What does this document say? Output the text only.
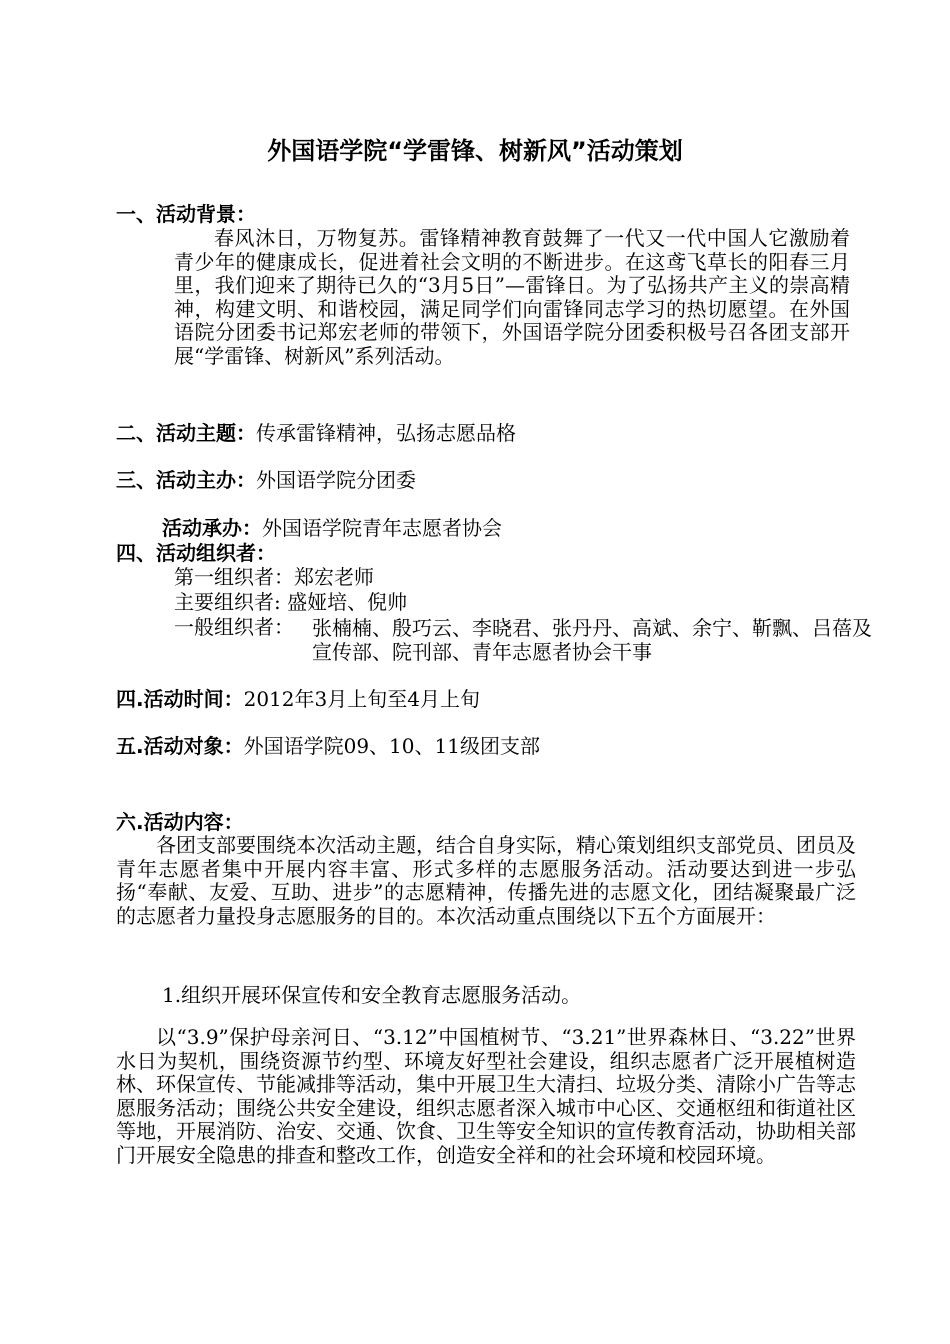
外国语学院“学雷锋、树新风”活动策划
一、活动背景：
春风沐日，万物复苏。雷锋精神教育鼓舞了一代又一代中国人它激励着青少年的健康成长，促进着社会文明的不断进步。在这鸢飞草长的阳春三月里，我们迎来了期待已久的“3月5日”—雷锋日。为了弘扬共产主义的崇高精神，构建文明、和谐校园，满足同学们向雷锋同志学习的热切愿望。在外国语院分团委书记郑宏老师的带领下，外国语学院分团委积极号召各团支部开展“学雷锋、树新风”系列活动。
二、活动主题：传承雷锋精神，弘扬志愿品格
三、活动主办：外国语学院分团委
活动承办：外国语学院青年志愿者协会
四、活动组织者：
第一组织者：郑宏老师
主要组织者: 盛娅培、倪帅
一般组织者： 张楠楠、殷巧云、李晓君、张丹丹、高斌、余宁、靳飘、吕蓓及宣传部、院刊部、青年志愿者协会干事
四.活动时间：2012年3月上旬至4月上旬
五.活动对象：外国语学院09、10、11级团支部
六.活动内容：
各团支部要围绕本次活动主题，结合自身实际，精心策划组织支部党员、团员及青年志愿者集中开展内容丰富、形式多样的志愿服务活动。活动要达到进一步弘扬“奉献、友爱、互助、进步”的志愿精神，传播先进的志愿文化，团结凝聚最广泛的志愿者力量投身志愿服务的目的。本次活动重点围绕以下五个方面展开：
1.组织开展环保宣传和安全教育志愿服务活动。
以“3.9”保护母亲河日、“3.12”中国植树节、“3.21”世界森林日、“3.22”世界水日为契机，围绕资源节约型、环境友好型社会建设，组织志愿者广泛开展植树造林、环保宣传、节能减排等活动，集中开展卫生大清扫、垃圾分类、清除小广告等志愿服务活动；围绕公共安全建设，组织志愿者深入城市中心区、交通枢纽和街道社区等地，开展消防、治安、交通、饮食、卫生等安全知识的宣传教育活动，协助相关部门开展安全隐患的排查和整改工作，创造安全祥和的社会环境和校园环境。
